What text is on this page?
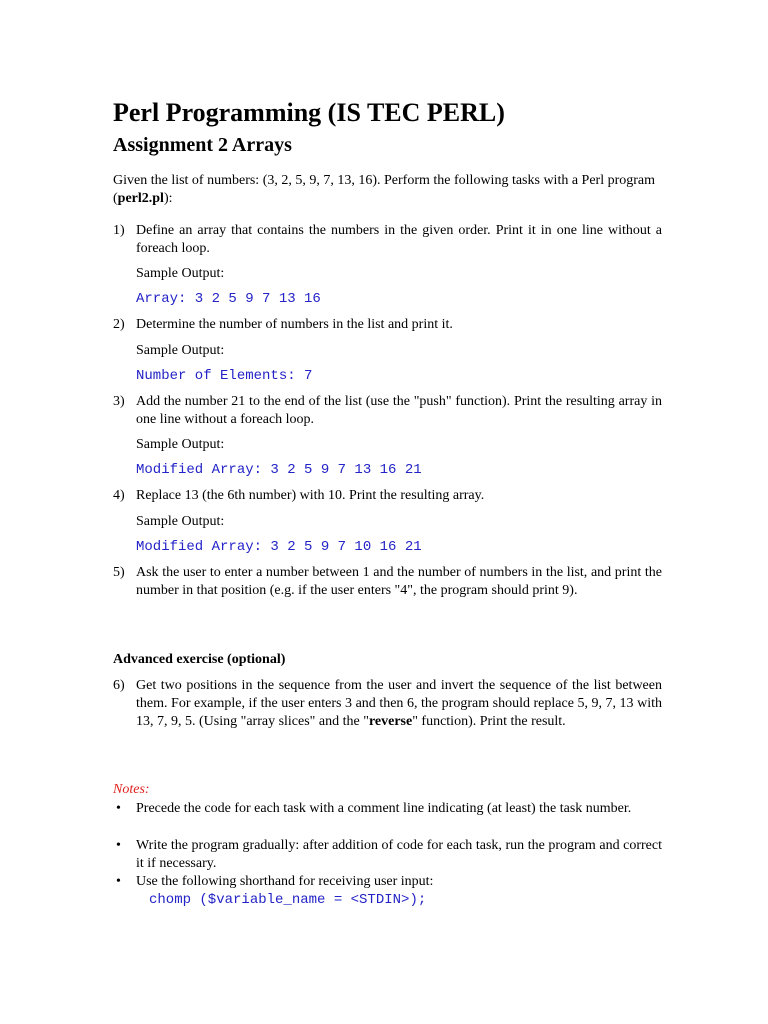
Perl Programming (IS TEC PERL)
Assignment 2 Arrays
Given the list of numbers: (3, 2, 5, 9, 7, 13, 16). Perform the following tasks with a Perl program (perl2.pl):
1) Define an array that contains the numbers in the given order. Print it in one line without a foreach loop.
Sample Output:
Array: 3 2 5 9 7 13 16
2) Determine the number of numbers in the list and print it.
Sample Output:
Number of Elements: 7
3) Add the number 21 to the end of the list (use the "push" function). Print the resulting array in one line without a foreach loop.
Sample Output:
Modified Array: 3 2 5 9 7 13 16 21
4) Replace 13 (the 6th number) with 10. Print the resulting array.
Sample Output:
Modified Array: 3 2 5 9 7 10 16 21
5) Ask the user to enter a number between 1 and the number of numbers in the list, and print the number in that position (e.g. if the user enters "4", the program should print 9).
Advanced exercise (optional)
6) Get two positions in the sequence from the user and invert the sequence of the list between them. For example, if the user enters 3 and then 6, the program should replace 5, 9, 7, 13 with 13, 7, 9, 5. (Using "array slices" and the "reverse" function). Print the result.
Notes:
• Precede the code for each task with a comment line indicating (at least) the task number.
• Write the program gradually: after addition of code for each task, run the program and correct it if necessary.
• Use the following shorthand for receiving user input:
chomp ($variable_name = <STDIN>);
